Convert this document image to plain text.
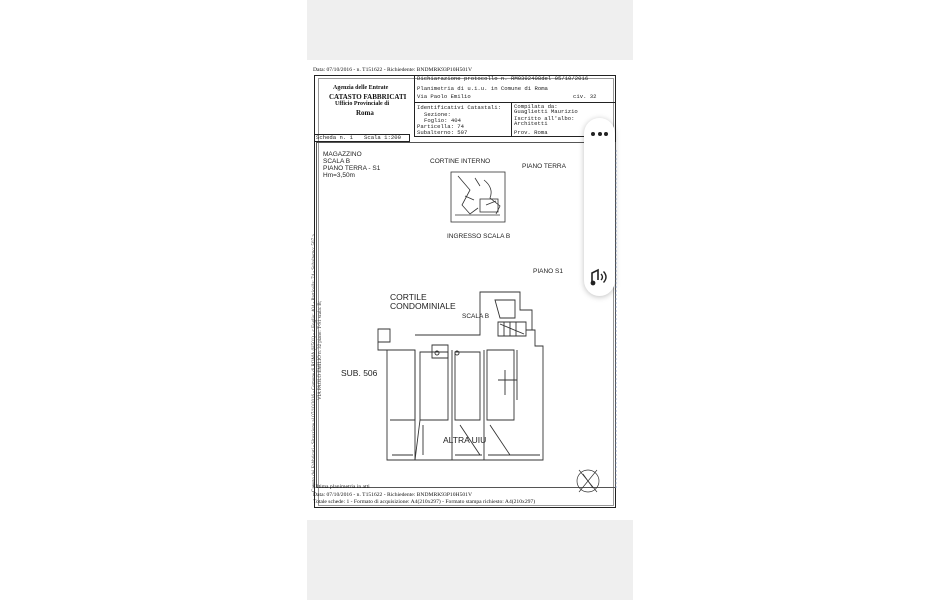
Data: 07/10/2016 - n. T151622 - Richiedente: BNDMRK93P10H501V
Agenzia delle Entrate
CATASTO FABBRICATI
Ufficio Provinciale di
Roma
Dichiarazione protocollo n. RM0392408del 05/10/2016
Planimetria di u.i.u. in Comune di Roma
Via Paolo Emilio	civ. 32
Identificativi Catastali:
Sezione:
Foglio: 404
Particella: 74
Subalterno: 507
Compilata da:
Guaglietti Maurizio
Iscritto all'albo:
Architetti
Prov. Roma
Scheda n. 1 Scala 1:200
Catasto dei Fabbricati - Situazione al 07/10/2016 - Comune di ROMA (H501) - < Foglio: 404 - Particella: 74 - Subalterno: 507 > VIA PAOLO EMILIO n. 32 piano: T-S1 scala: B;
MAGAZZINO
SCALA B
PIANO TERRA - S1
Hm=3,50m
CORTINE INTERNO
PIANO TERRA
INGRESSO SCALA B
PIANO S1
CORTILE
CONDOMINIALE
SCALA B
SUB. 506
ALTRA UIU
Ultima planimetria in atti
Data: 07/10/2016 - n. T151622 - Richiedente: BNDMRK93P10H501V
Totale schede: 1 - Formato di acquisizione: A4(210x297) - Formato stampa richiesto: A4(210x297)
